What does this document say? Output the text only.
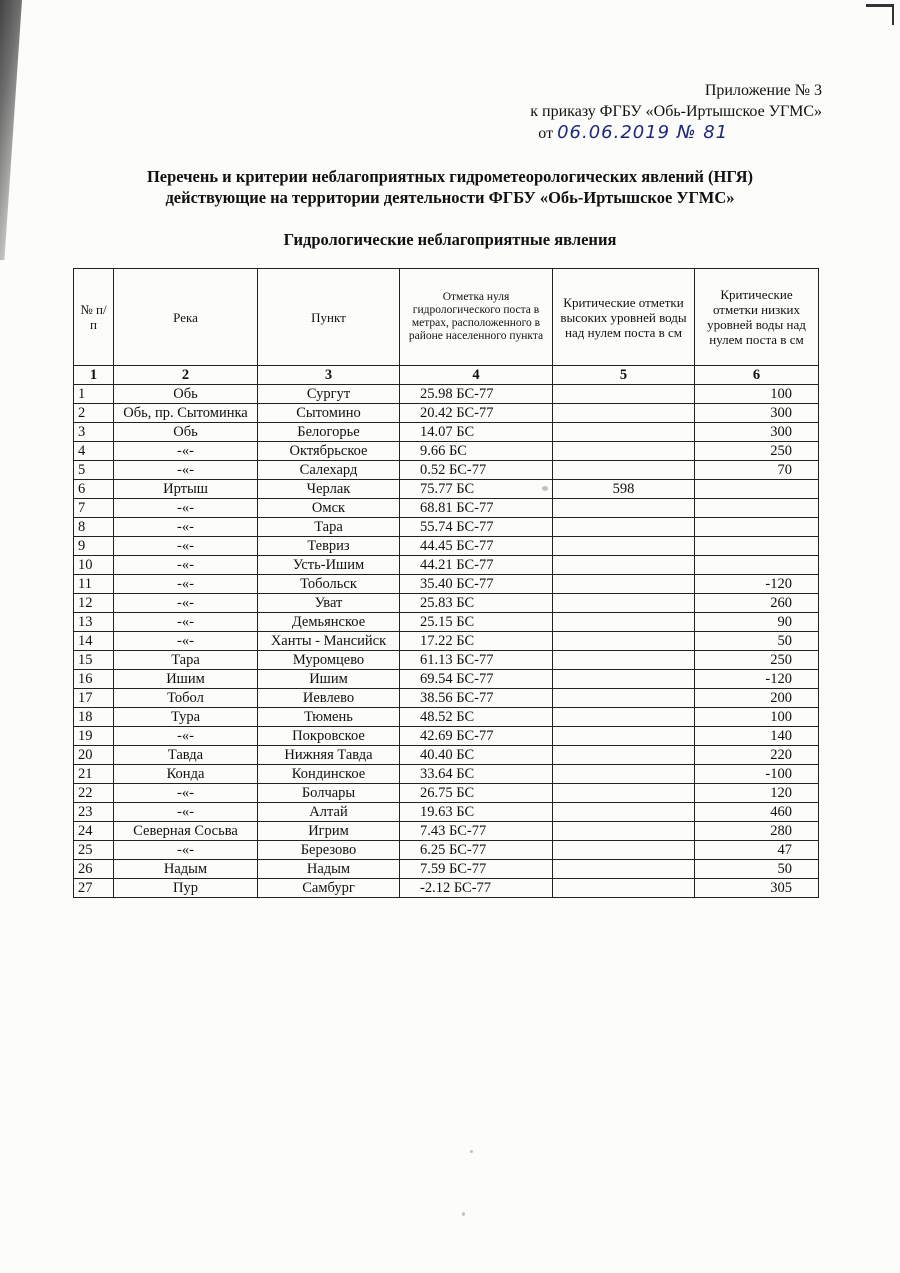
Приложение № 3
к приказу ФГБУ «Обь-Иртышское УГМС»
от 06.06.2019 № 81
Перечень и критерии неблагоприятных гидрометеорологических явлений (НГЯ)
действующие на территории деятельности ФГБУ «Обь-Иртышское УГМС»
Гидрологические неблагоприятные явления
№ п/п	Река	Пункт	Отметка нуля гидрологического поста в метрах, расположенного в районе населенного пункта	Критические отметки высоких уровней воды над нулем поста в см	Критические отметки низких уровней воды над нулем поста в см
1	2	3	4	5	6
1	Обь	Сургут	25.98 БС-77		100
2	Обь, пр. Сытоминка	Сытомино	20.42 БС-77		300
3	Обь	Белогорье	14.07 БС		300
4	-«-	Октябрьское	9.66 БС		250
5	-«-	Салехард	0.52 БС-77		70
6	Иртыш	Черлак	75.77 БС	598	
7	-«-	Омск	68.81 БС-77		
8	-«-	Тара	55.74 БС-77		
9	-«-	Тевриз	44.45 БС-77		
10	-«-	Усть-Ишим	44.21 БС-77		
11	-«-	Тобольск	35.40 БС-77		-120
12	-«-	Уват	25.83 БС		260
13	-«-	Демьянское	25.15 БС		90
14	-«-	Ханты - Мансийск	17.22 БС		50
15	Тара	Муромцево	61.13 БС-77		250
16	Ишим	Ишим	69.54 БС-77		-120
17	Тобол	Иевлево	38.56 БС-77		200
18	Тура	Тюмень	48.52 БС		100
19	-«-	Покровское	42.69 БС-77		140
20	Тавда	Нижняя Тавда	40.40 БС		220
21	Конда	Кондинское	33.64 БС		-100
22	-«-	Болчары	26.75 БС		120
23	-«-	Алтай	19.63 БС		460
24	Северная Сосьва	Игрим	7.43 БС-77		280
25	-«-	Березово	6.25 БС-77		47
26	Надым	Надым	7.59 БС-77		50
27	Пур	Самбург	-2.12 БС-77		305
